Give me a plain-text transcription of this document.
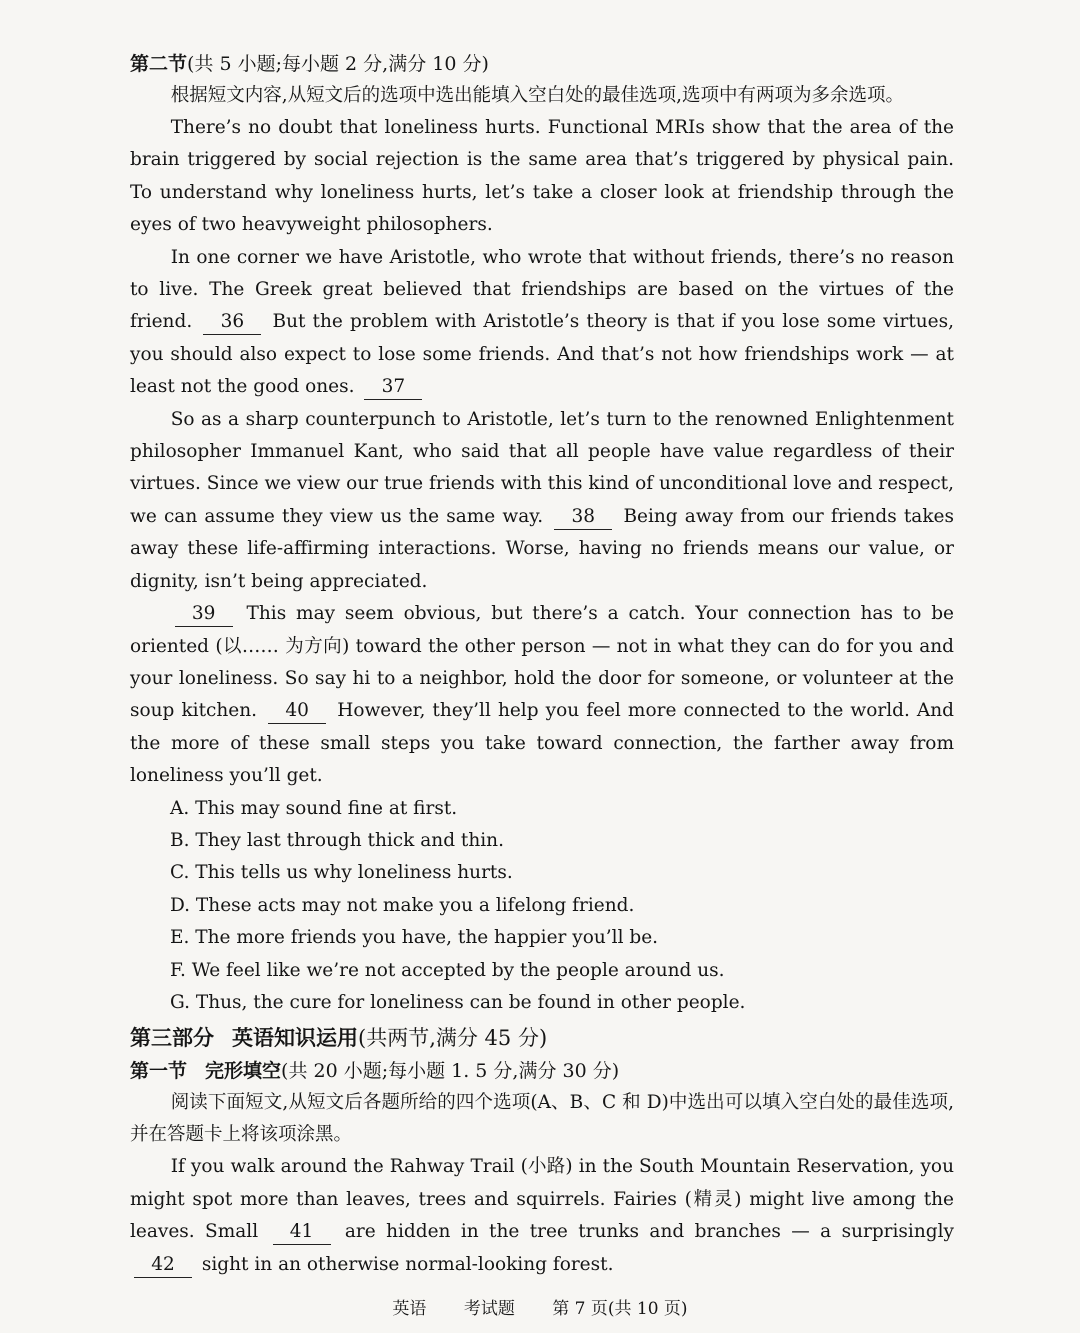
第二节(共 5 小题;每小题 2 分,满分 10 分)

根据短文内容,从短文后的选项中选出能填入空白处的最佳选项,选项中有两项为多余选项。

There’s no doubt that loneliness hurts. Functional MRIs show that the area of the brain triggered by social rejection is the same area that’s triggered by physical pain. To understand why loneliness hurts, let’s take a closer look at friendship through the eyes of two heavyweight philosophers.

In one corner we have Aristotle, who wrote that without friends, there’s no reason to live. The Greek great believed that friendships are based on the virtues of the friend. 36 But the problem with Aristotle’s theory is that if you lose some virtues, you should also expect to lose some friends. And that’s not how friendships work — at least not the good ones. 37

So as a sharp counterpunch to Aristotle, let’s turn to the renowned Enlightenment philosopher Immanuel Kant, who said that all people have value regardless of their virtues. Since we view our true friends with this kind of unconditional love and respect, we can assume they view us the same way. 38 Being away from our friends takes away these life-affirming interactions. Worse, having no friends means our value, or dignity, isn’t being appreciated.

39 This may seem obvious, but there’s a catch. Your connection has to be oriented (以…… 为方向) toward the other person — not in what they can do for you and your loneliness. So say hi to a neighbor, hold the door for someone, or volunteer at the soup kitchen. 40 However, they’ll help you feel more connected to the world. And the more of these small steps you take toward connection, the farther away from loneliness you’ll get.

A. This may sound fine at first.
B. They last through thick and thin.
C. This tells us why loneliness hurts.
D. These acts may not make you a lifelong friend.
E. The more friends you have, the happier you’ll be.
F. We feel like we’re not accepted by the people around us.
G. Thus, the cure for loneliness can be found in other people.
第三部分 英语知识运用(共两节,满分 45 分)
第一节 完形填空(共 20 小题;每小题 1. 5 分,满分 30 分)

阅读下面短文,从短文后各题所给的四个选项(A、B、C 和 D)中选出可以填入空白处的最佳选项,并在答题卡上将该项涂黑。

If you walk around the Rahway Trail (小路) in the South Mountain Reservation, you might spot more than leaves, trees and squirrels. Fairies (精灵) might live among the leaves. Small 41 are hidden in the tree trunks and branches — a surprisingly 42 sight in an otherwise normal-looking forest.

英语 考试题 第 7 页(共 10 页)
